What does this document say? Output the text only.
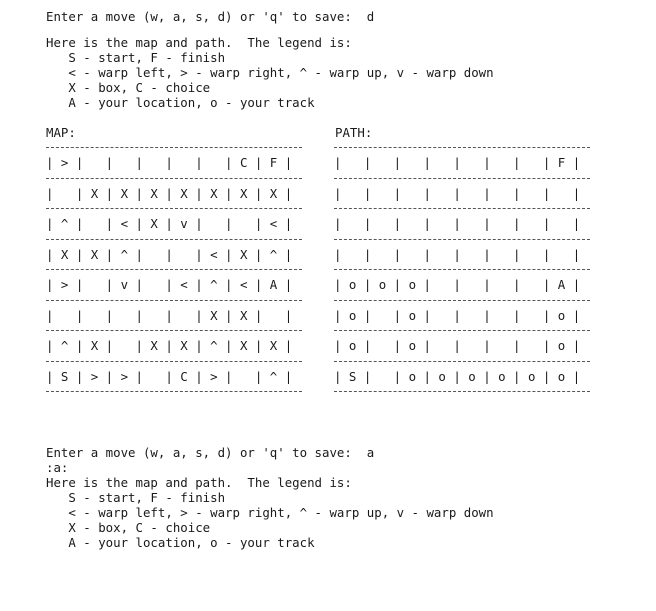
Enter a move (w, a, s, d) or 'q' to save:  d
Here is the map and path.  The legend is:
S - start, F - finish
< - warp left, > - warp right, ^ - warp up, v - warp down
X - box, C - choice
A - your location, o - your track
MAP:	PATH:
| > |   |   |   |   |   | C | F |
|   | X | X | X | X | X | X | X |
| ^ |   | < | X | v |   |   | < |
| X | X | ^ |   |   | < | X | ^ |
| > |   | v |   | < | ^ | < | A |
|   |   |   |   |   | X | X |   |
| ^ | X |   | X | X | ^ | X | X |
| S | > | > |   | C | > |   | ^ |
|   |   |   |   |   |   |   | F |
|   |   |   |   |   |   |   |   |
|   |   |   |   |   |   |   |   |
|   |   |   |   |   |   |   |   |
| o | o | o |   |   |   |   | A |
| o |   | o |   |   |   |   | o |
| o |   | o |   |   |   |   | o |
| S |   | o | o | o | o | o | o |
Enter a move (w, a, s, d) or 'q' to save:  a
:a:
Here is the map and path.  The legend is:
S - start, F - finish
< - warp left, > - warp right, ^ - warp up, v - warp down
X - box, C - choice
A - your location, o - your track
